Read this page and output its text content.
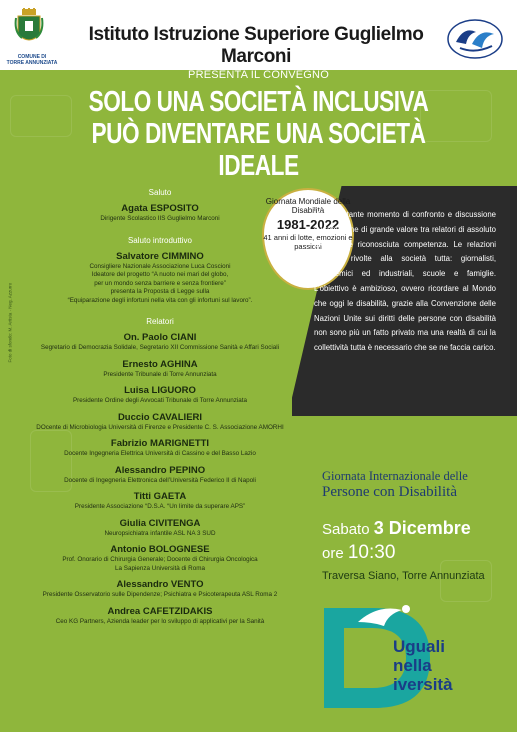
COMUNE DI
TORRE ANNUNZIATA
Istituto Istruzione Superiore Guglielmo Marconi
PRESENTA IL CONVEGNO
SOLO UNA SOCIETÀ INCLUSIVA
PUÒ DIVENTARE UNA SOCIETÀ IDEALE
Foto di sfondo: M. Artista · Neg. Azzurro
Saluto
Agata ESPOSITO
Dirigente Scolastico IIS Guglielmo Marconi
Saluto introduttivo
Salvatore CIMMINO
Consigliere Nazionale Associazione Luca Coscioni
Ideatore del progetto “A nuoto nei mari del globo,
per un mondo senza barriere e senza frontiere”
presenta la Proposta di Legge sulla
“Equiparazione degli infortuni nella vita con gli infortuni sul lavoro”.
Relatori
On. Paolo CIANI
Segretario di Democrazia Solidale, Segretario XII Commissione Sanità e Affari Sociali
Ernesto AGHINA
Presidente Tribunale di Torre Annunziata
Luisa LIGUORO
Presidente Ordine degli Avvocati Tribunale di Torre Annunziata
Duccio CAVALIERI
DOcente di Microbiologia Università di Firenze e Presidente C. S. Associazione AMORHI
Fabrizio MARIGNETTI
Docente Ingegneria Elettrica Università di Cassino e del Basso Lazio
Alessandro PEPINO
Docente di Ingegneria Elettronica dell’Università Federico II di Napoli
Titti GAETA
Presidente Associazione “D.S.A. “Un limite da superare APS”
Giulia CIVITENGA
Neuropsichiatra infantile ASL NA 3 SUD
Antonio BOLOGNESE
Prof. Onorario di Chirurgia Generale; Docente di Chirurgia Oncologica
La Sapienza Università di Roma
Alessandro VENTO
Presidente Osservatorio sulle Dipendenze; Psichiatra e Psicoterapeuta ASL Roma 2
Andrea CAFETZIDAKIS
Ceo KG Partners, Azienda leader per lo sviluppo di applicativi per la Sanità
Giornata Mondiale della Disabilità
1981-2022
41 anni di lotte, emozioni e passioni
Un importante momento di confronto e discussione su tematiche di grande valore tra relatori di assoluto prestigio e riconosciuta competenza. Le relazioni saranno rivolte alla società tutta: giornalisti, accademici ed industriali, scuole e famiglie. L’obiettivo è ambizioso, ovvero ricordare al Mondo che oggi le disabilità, grazie alla Convenzione delle Nazioni Unite sui diritti delle persone con disabilità non sono più un fatto privato ma una realtà di cui la collettività tutta è necessario che se ne faccia carico.
Giornata Internazionale delle
Persone con Disabilità
Sabato 3 Dicembre
ore 10:30
Traversa Siano, Torre Annunziata
Uguali
nella
iversità
